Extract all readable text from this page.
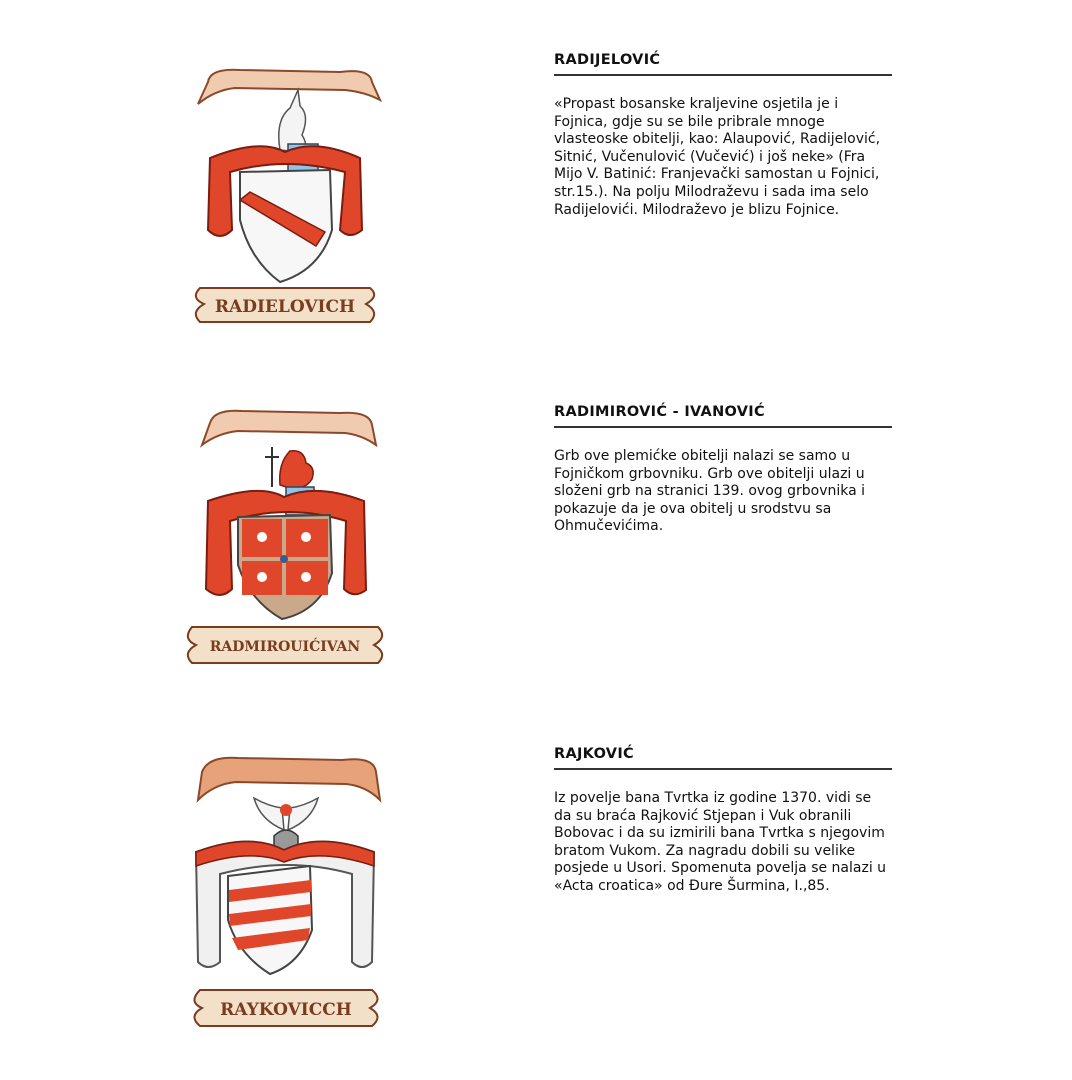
RADIELOVICH
RADIJELOVIĆ

«Propast bosanske kraljevine osjetila je i Fojnica, gdje su se bile pribrale mnoge vlasteoske obitelji, kao: Alaupović, Radijelović, Sitnić, Vučenulović (Vučević) i još neke» (Fra Mijo V. Batinić: Franjevački samostan u Fojnici, str.15.). Na polju Milodraževu i sada ima selo Radijelovići. Milodraževo je blizu Fojnice.

RADMIROUIĆIVAN
RADIMIROVIĆ - IVANOVIĆ

Grb ove plemićke obitelji nalazi se samo u Fojničkom grbovniku. Grb ove obitelji ulazi u složeni grb na stranici 139. ovog grbovnika i pokazuje da je ova obitelj u srodstvu sa Ohmučevićima.

RAYKOVICCH
RAJKOVIĆ

Iz povelje bana Tvrtka iz godine 1370. vidi se da su braća Rajković Stjepan i Vuk obranili Bobovac i da su izmirili bana Tvrtka s njegovim bratom Vukom. Za nagradu dobili su velike posjede u Usori. Spomenuta povelja se nalazi u «Acta croatica» od Đure Šurmina, I.,85.
